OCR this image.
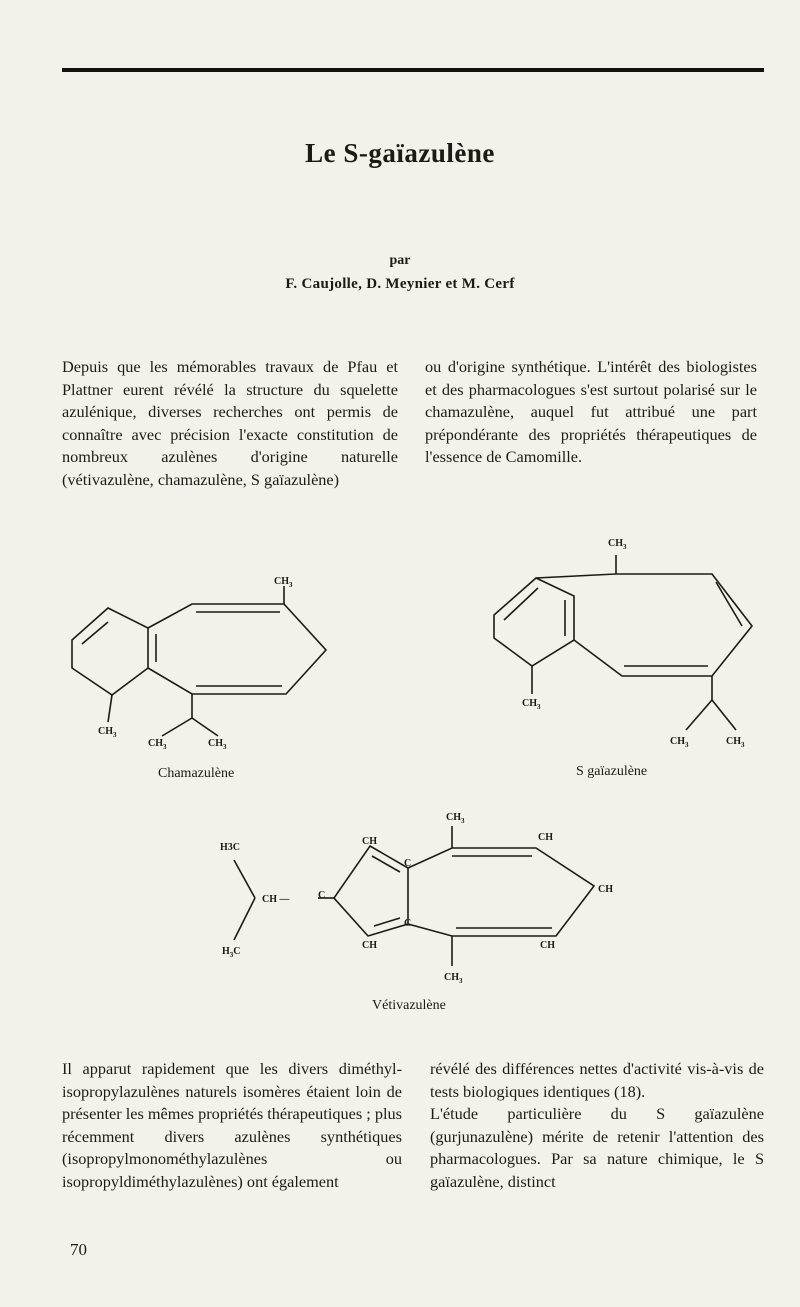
Le S-gaïazulène
par
F. Caujolle, D. Meynier et M. Cerf

Depuis que les mémorables travaux de Pfau et Plattner eurent révélé la structure du squelette azulénique, diverses recherches ont permis de connaître avec précision l'exacte constitution de nombreux azulènes d'origine naturelle (vétivazulène, chamazulène, S gaïazulène)

ou d'origine synthétique. L'intérêt des biologistes et des pharmacologues s'est surtout polarisé sur le chamazulène, auquel fut attribué une part prépondérante des propriétés thérapeutiques de l'essence de Camomille.

$CH_3$
$CH_3$
$CH_3$	$CH_3$
$CH_3$
$CH_3$
$CH_3$	$CH_3$
H3C
$CH_3$
CH	CH
C
CH
CH —	C
C
$H_3C$
CH	CH
$CH_3$
Chamazulène	S gaïazulène
Vétivazulène

Il apparut rapidement que les divers diméthyl-isopropylazulènes naturels isomères étaient loin de présenter les mêmes propriétés thérapeutiques ; plus récemment divers azulènes synthétiques (isopropylmonométhylazulènes ou isopropyldiméthylazulènes) ont également

révélé des différences nettes d'activité vis-à-vis de tests biologiques identiques (18).

L'étude particulière du S gaïazulène (gurjunazulène) mérite de retenir l'attention des pharmacologues. Par sa nature chimique, le S gaïazulène, distinct

70
